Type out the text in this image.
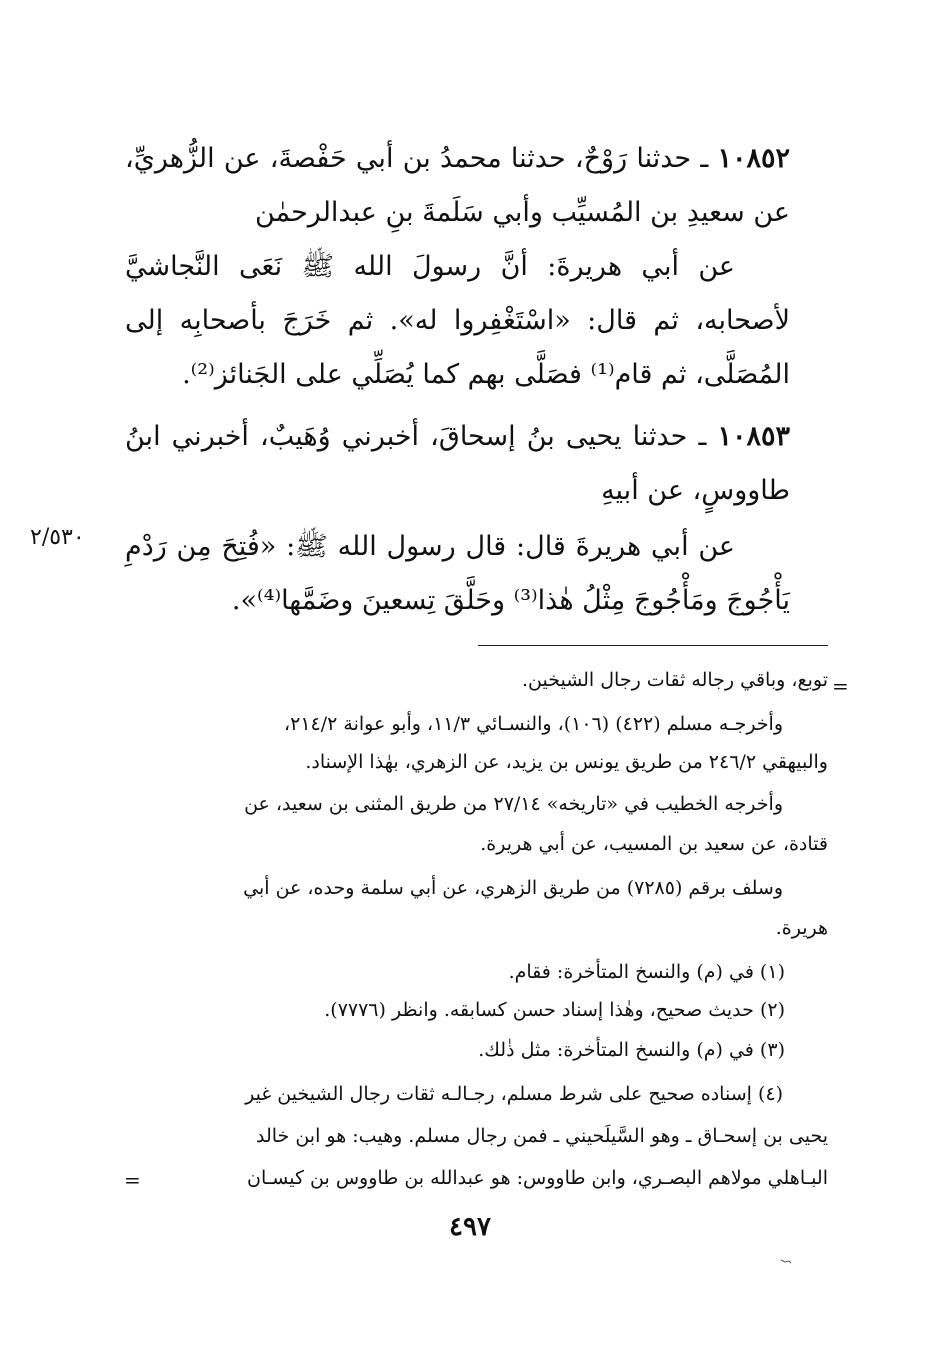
١٠٨٥٢ ـ حدثنا رَوْحٌ، حدثنا محمدُ بن أبي حَفْصةَ، عن الزُّهريِّ، عن سعيدِ بن المُسيِّب وأبي سَلَمةَ بنِ عبدالرحمٰن
عن أبي هريرةَ: أنَّ رسولَ الله ﷺ نَعَى النَّجاشيَّ لأصحابه، ثم قال: «اسْتَغْفِروا له». ثم خَرَجَ بأصحابِه إلى المُصَلَّى، ثم قام⁽¹⁾ فصَلَّى بهم كما يُصَلِّي على الجَنائز⁽²⁾.
١٠٨٥٣ ـ حدثنا يحيى بنُ إسحاقَ، أخبرني وُهَيبٌ، أخبرني ابنُ طاووسٍ، عن أبيهِ
عن أبي هريرةَ قال: قال رسول الله ﷺ: «فُتِحَ مِن رَدْمِ يَأْجُوجَ ومَأْجُوجَ مِثْلُ هٰذا⁽³⁾ وحَلَّقَ تِسعينَ وضَمَّها⁽⁴⁾».
٢/٥٣٠
=
توبع، وباقي رجاله ثقات رجال الشيخين.
وأخرجـه مسلم (٤٢٢) (١٠٦)، والنسـائي ١١/٣، وأبو عوانة ٢١٤/٢،
والبيهقي ٢٤٦/٢ من طريق يونس بن يزيد، عن الزهري، بهٰذا الإسناد.
وأخرجه الخطيب في «تاريخه» ٢٧/١٤ من طريق المثنى بن سعيد، عن
قتادة، عن سعيد بن المسيب، عن أبي هريرة.
وسلف برقم (٧٢٨٥) من طريق الزهري، عن أبي سلمة وحده، عن أبي
هريرة.
(١) في (م) والنسخ المتأخرة: فقام.
(٢) حديث صحيح، وهٰذا إسناد حسن كسابقه. وانظر (٧٧٧٦).
(٣) في (م) والنسخ المتأخرة: مثل ذٰلك.
(٤) إسناده صحيح على شرط مسلم، رجـالـه ثقات رجال الشيخين غير
يحيى بن إسحـاق ـ وهو السَّيلَحيني ـ فمن رجال مسلم. وهيب: هو ابن خالد
البـاهلي مولاهم البصـري، وابن طاووس: هو عبدالله بن طاووس بن كيسـان
=
٤٩٧
